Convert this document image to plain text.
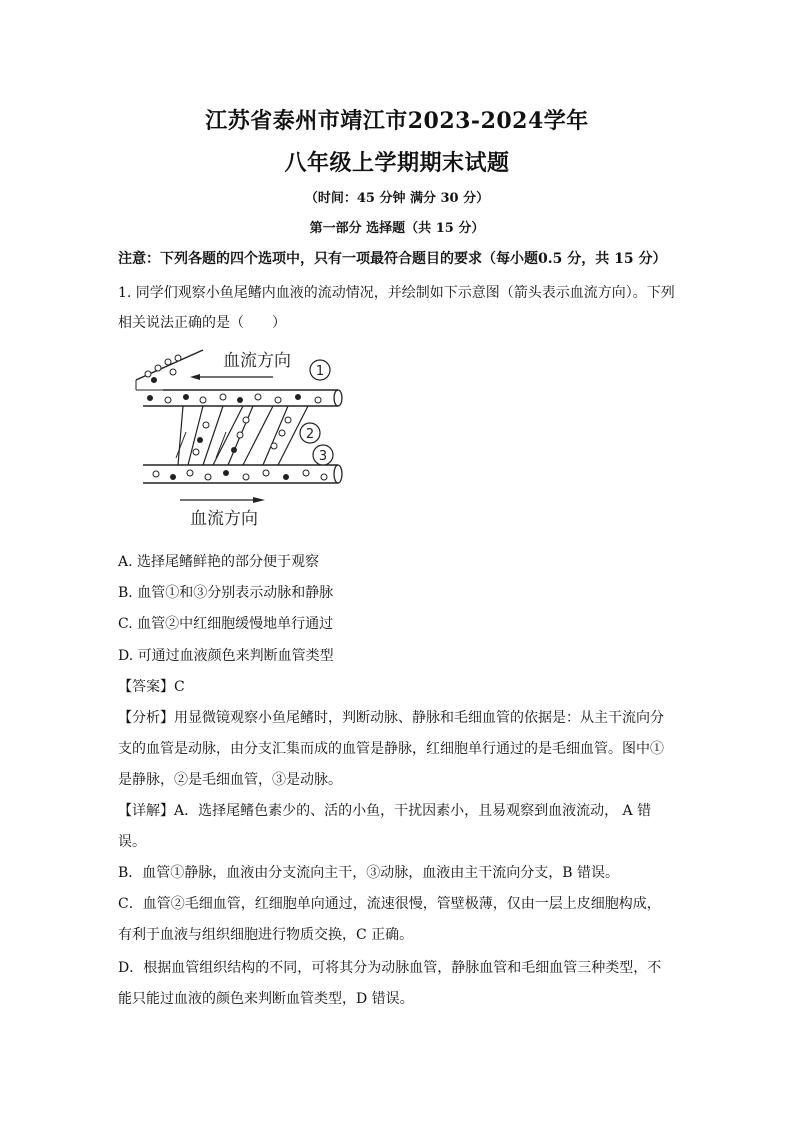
江苏省泰州市靖江市2023-2024学年
八年级上学期期末试题
（时间：45 分钟 满分 30 分）
第一部分 选择题（共 15 分）
注意：下列各题的四个选项中，只有一项最符合题目的要求（每小题0.5 分，共 15 分）
1. 同学们观察小鱼尾鳍内血液的流动情况，并绘制如下示意图（箭头表示血流方向）。下列
相关说法正确的是（　　）
血流方向
1
2
3
血流方向
A. 选择尾鳍鲜艳的部分便于观察
B. 血管①和③分别表示动脉和静脉
C. 血管②中红细胞缓慢地单行通过
D. 可通过血液颜色来判断血管类型
【答案】C
【分析】用显微镜观察小鱼尾鳍时，判断动脉、静脉和毛细血管的依据是：从主干流向分
支的血管是动脉，由分支汇集而成的血管是静脉，红细胞单行通过的是毛细血管。图中①
是静脉，②是毛细血管，③是动脉。
【详解】A．选择尾鳍色素少的、活的小鱼，干扰因素小，且易观察到血液流动， A 错
误。
B．血管①静脉，血液由分支流向主干，③动脉，血液由主干流向分支，B 错误。
C．血管②毛细血管，红细胞单向通过，流速很慢，管壁极薄，仅由一层上皮细胞构成，
有利于血液与组织细胞进行物质交换，C 正确。
D．根据血管组织结构的不同，可将其分为动脉血管，静脉血管和毛细血管三种类型，不
能只能过血液的颜色来判断血管类型，D 错误。
